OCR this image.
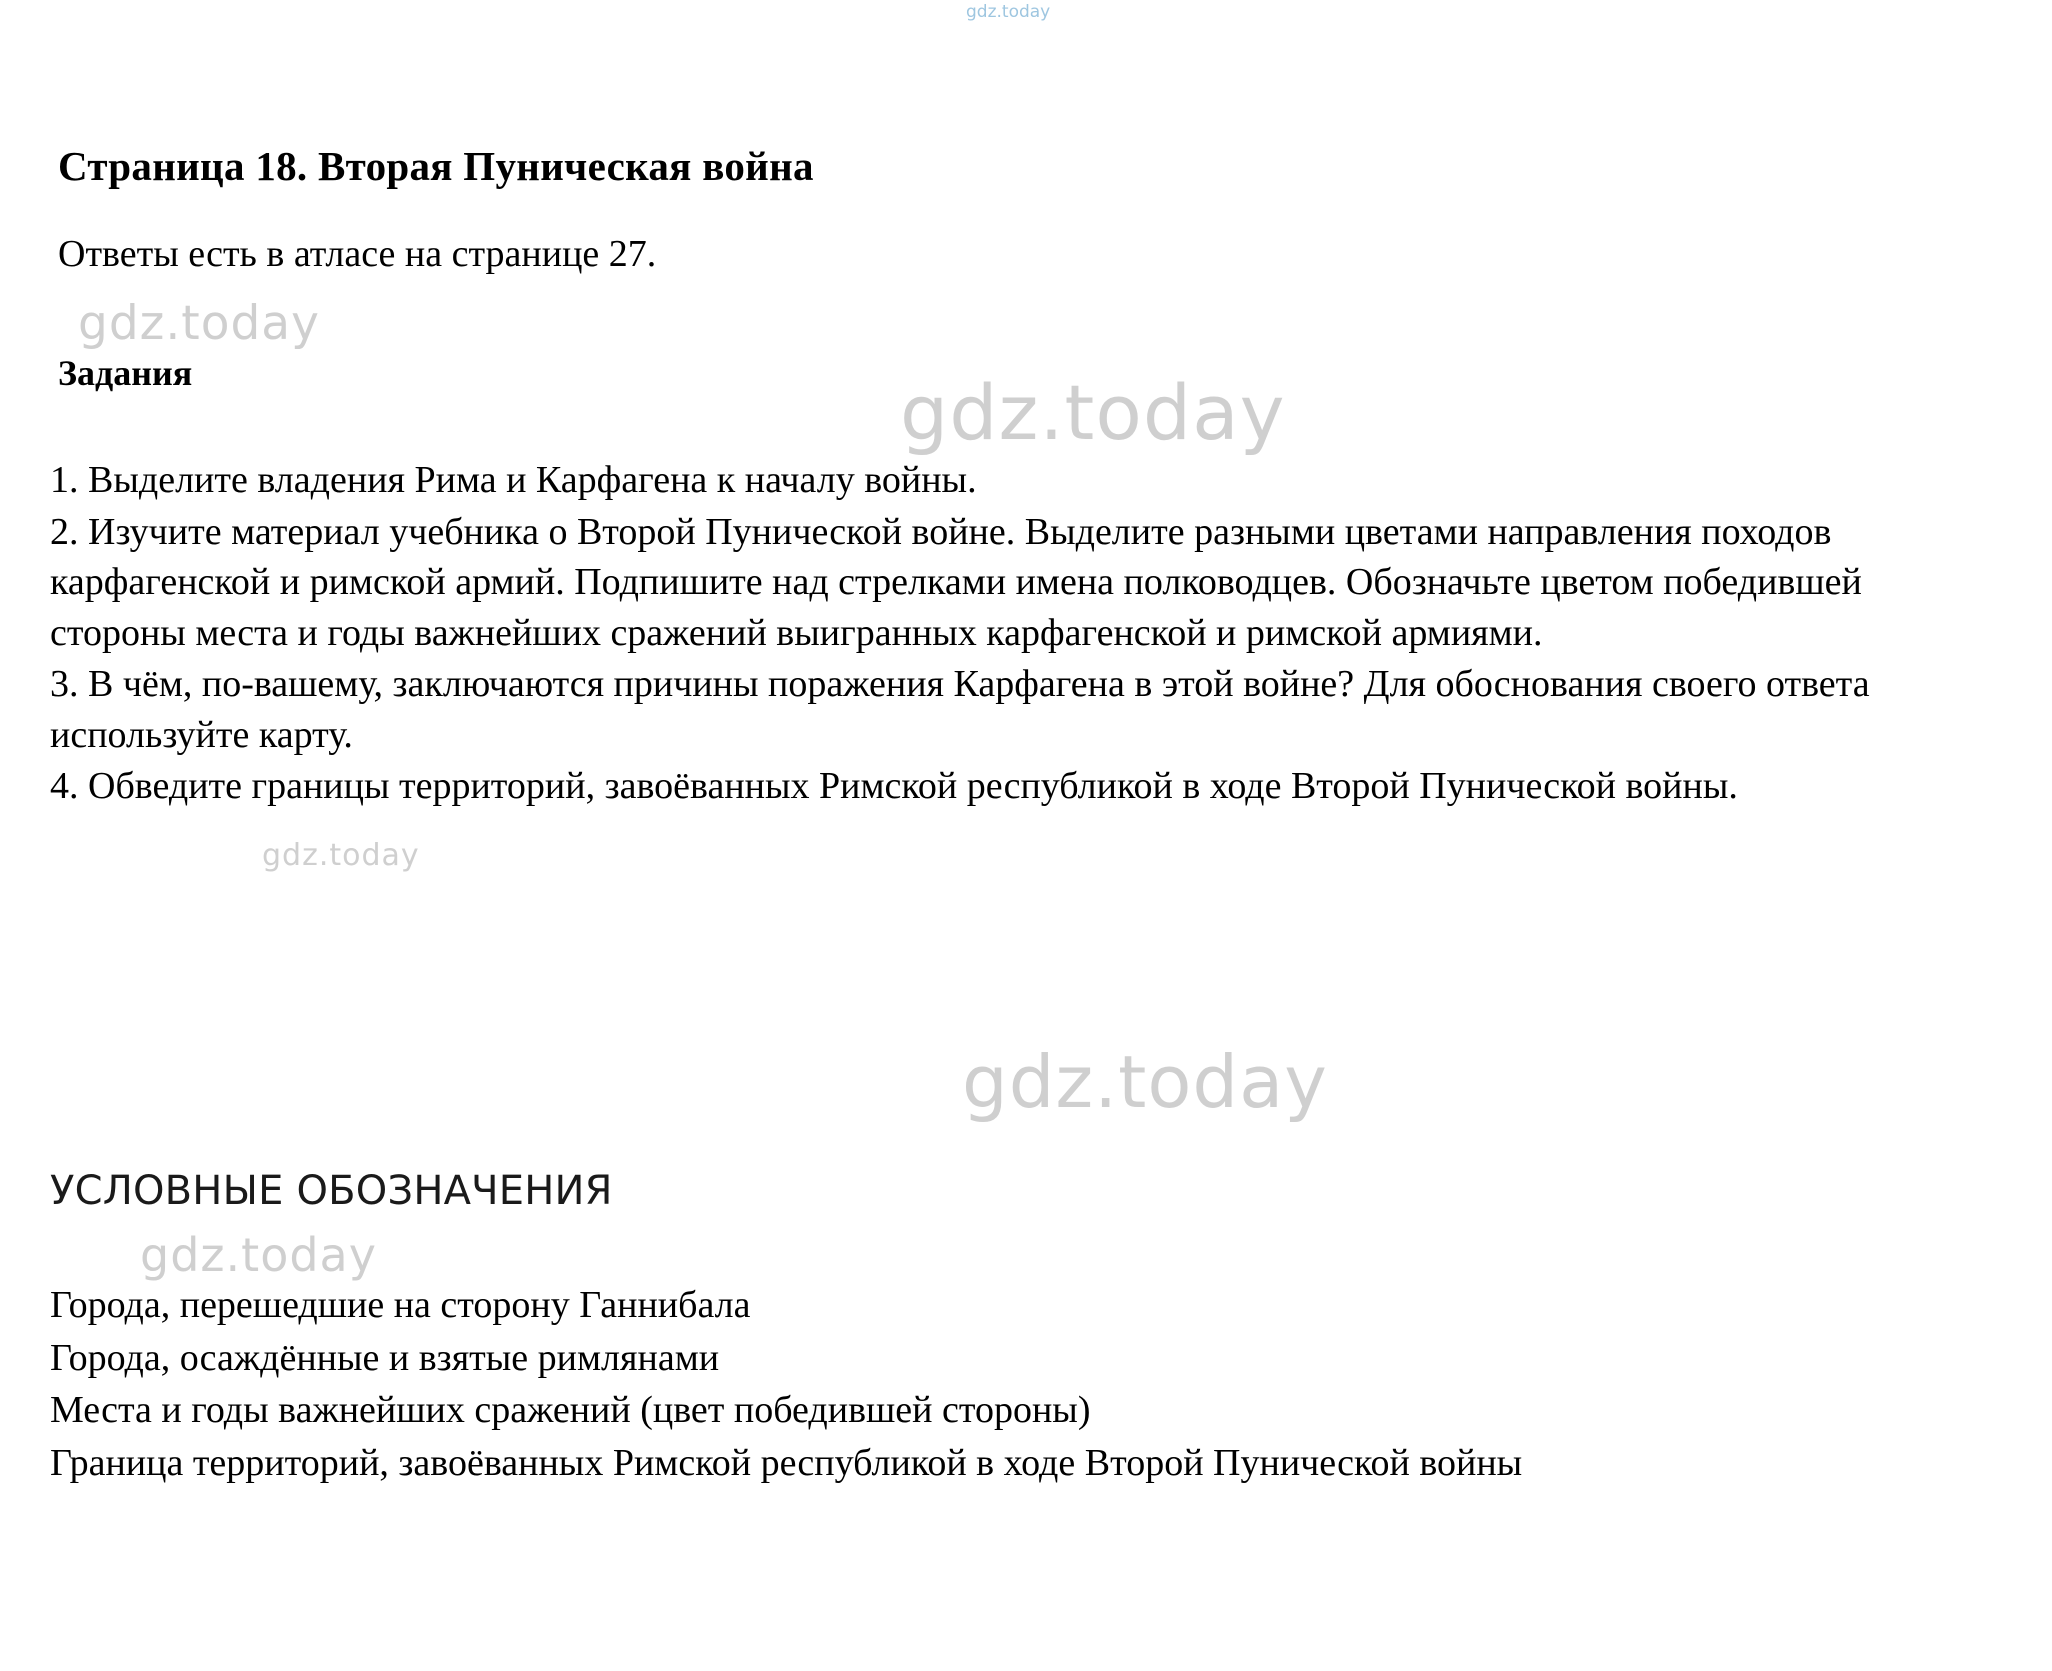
gdz.today
Страница 18. Вторая Пуническая война
Ответы есть в атласе на странице 27.
gdz.today
Задания	gdz.today

1. Выделите владения Рима и Карфагена к началу войны.

2. Изучите материал учебника о Второй Пунической войне. Выделите разными цветами направления походов карфагенской и римской армий. Подпишите над стрелками имена полководцев. Обозначьте цветом победившей стороны места и годы важнейших сражений выигранных карфагенской и римской армиями.

3. В чём, по-вашему, заключаются причины поражения Карфагена в этой войне? Для обоснования своего ответа используйте карту.

4. Обведите границы территорий, завоёванных Римской республикой в ходе Второй Пунической войны.

gdz.today
gdz.today
УСЛОВНЫЕ ОБОЗНАЧЕНИЯ
gdz.today

Города, перешедшие на сторону Ганнибала

Города, осаждённые и взятые римлянами

Места и годы важнейших сражений (цвет победившей стороны)

Граница территорий, завоёванных Римской республикой в ходе Второй Пунической войны
